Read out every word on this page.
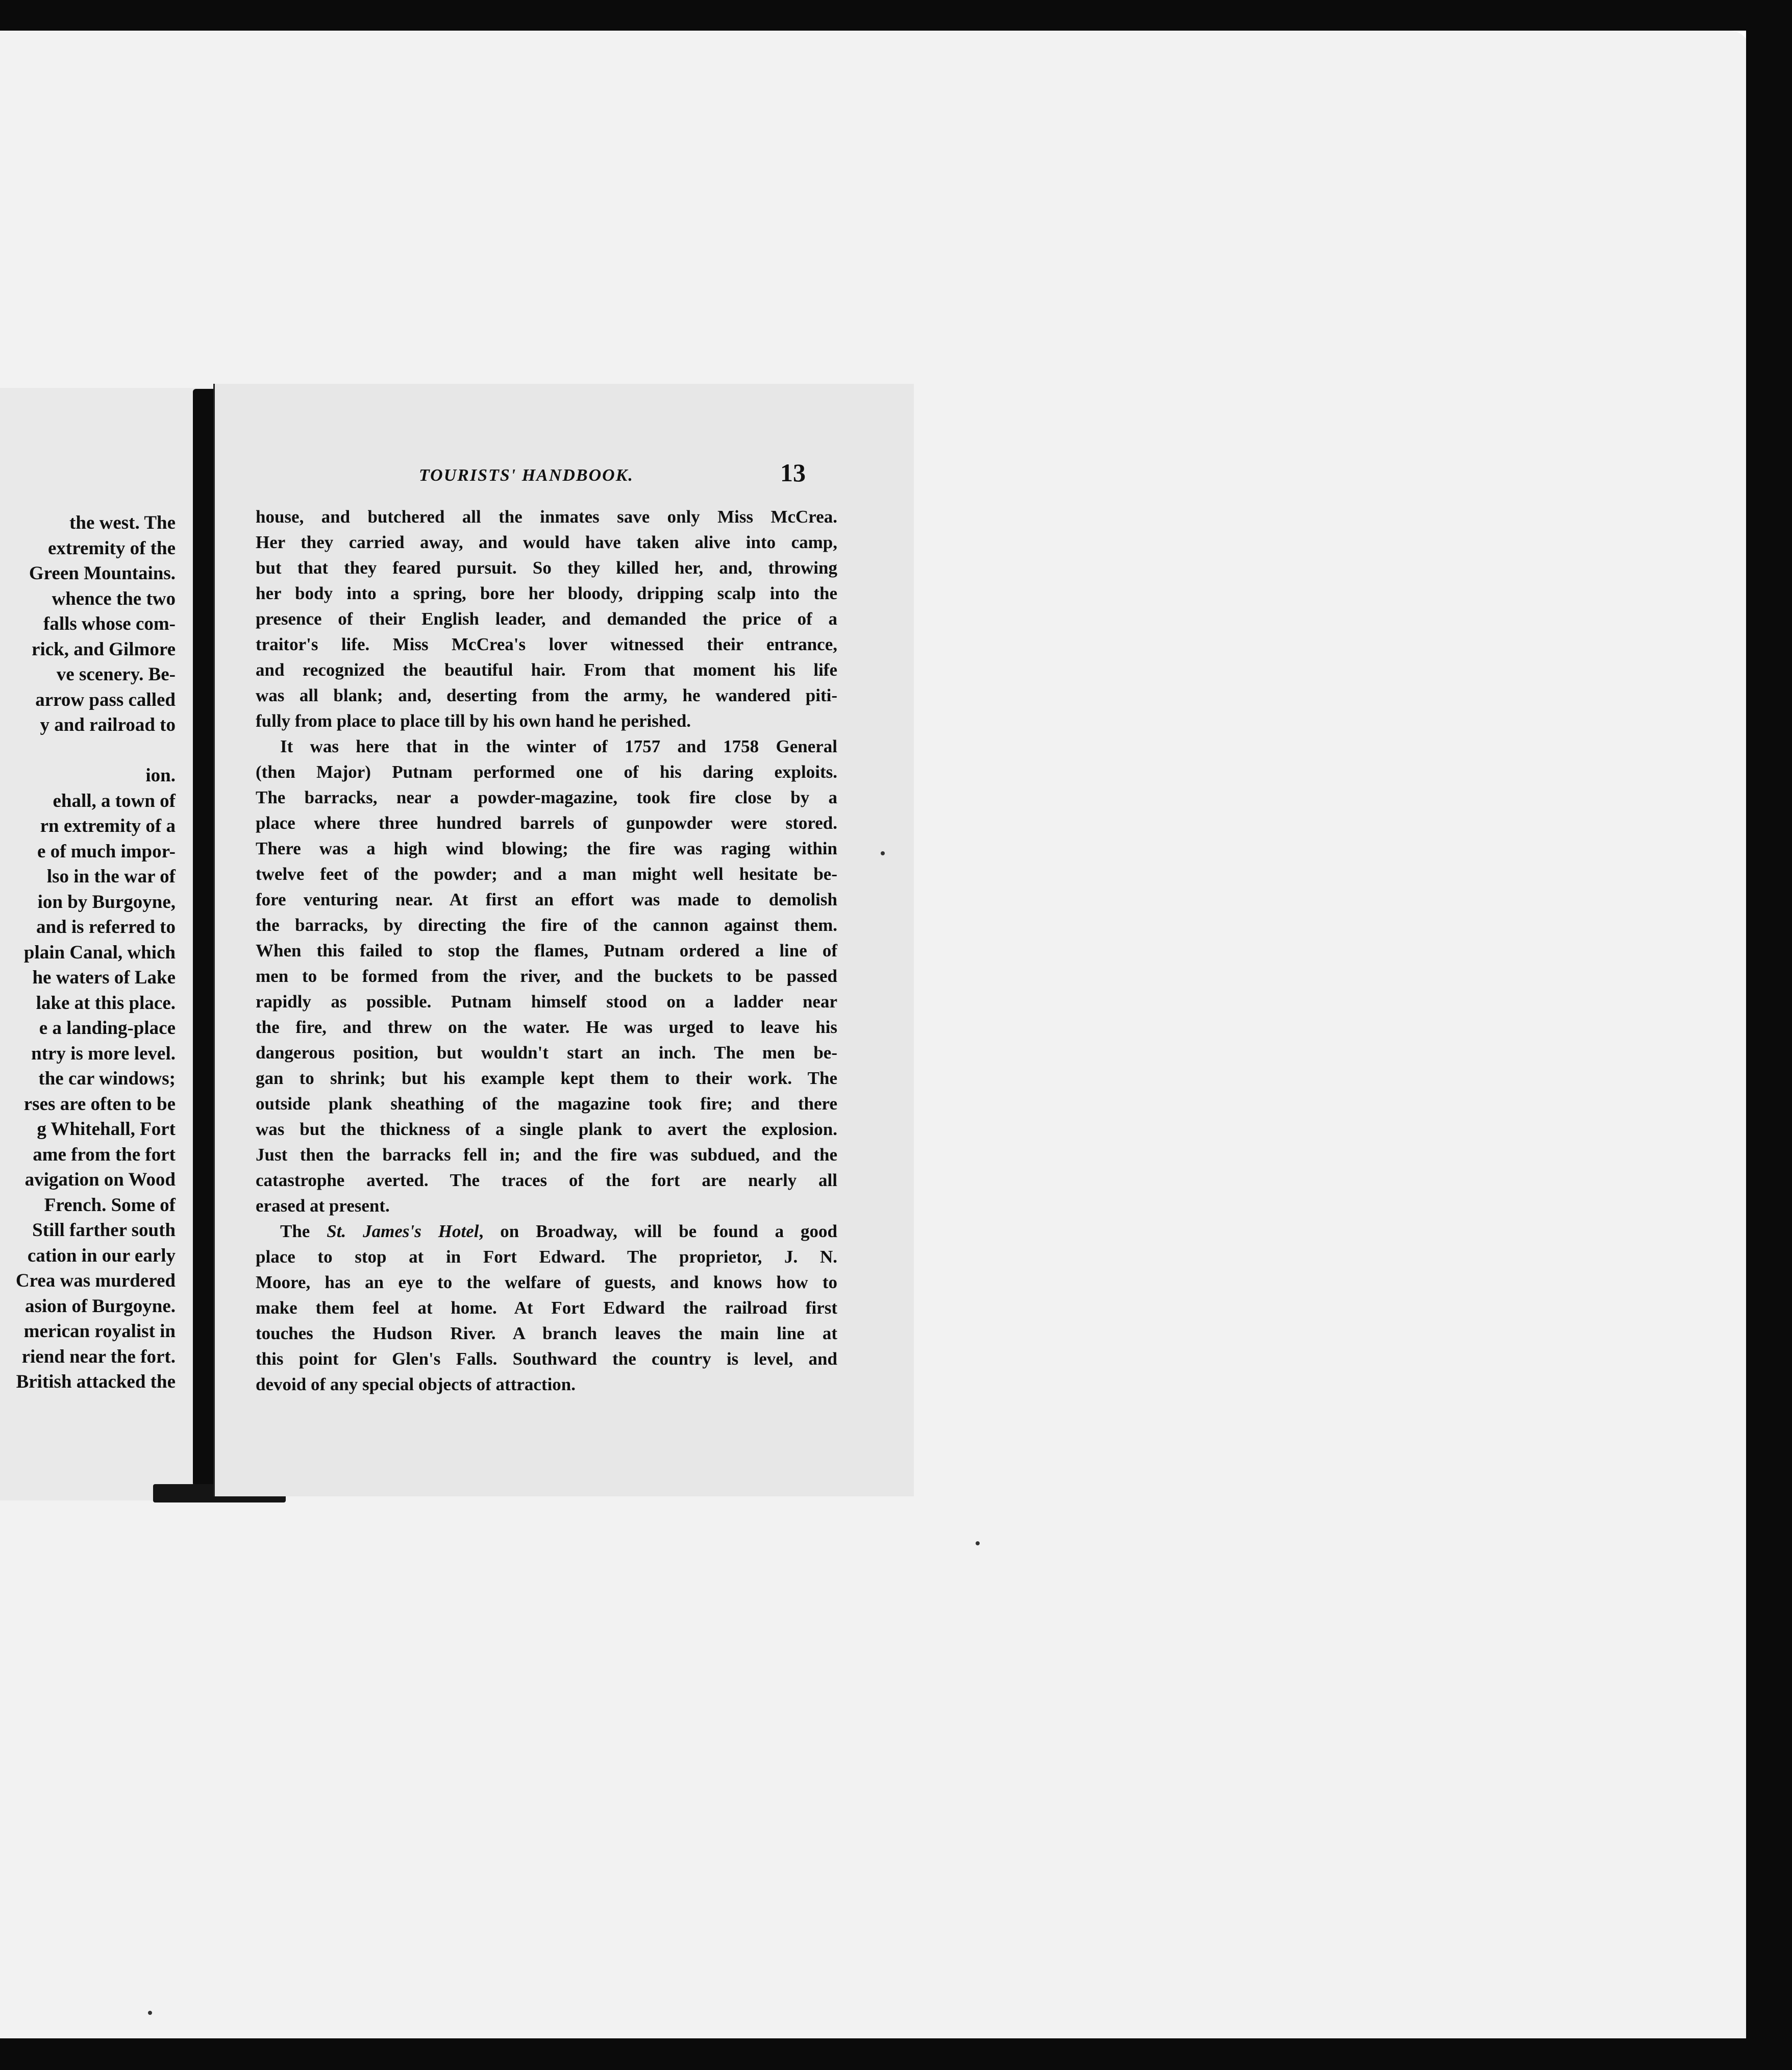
the west. The
extremity of the
Green Mountains.
whence the two
falls whose com-
rick, and Gilmore
ve scenery. Be-
arrow pass called
y and railroad to
ion.
ehall, a town of
rn extremity of a
e of much impor-
lso in the war of
ion by Burgoyne,
and is referred to
plain Canal, which
he waters of Lake
lake at this place.
e a landing-place
ntry is more level.
the car windows;
rses are often to be
g Whitehall, Fort
ame from the fort
avigation on Wood
French. Some of
Still farther south
cation in our early
Crea was murdered
asion of Burgoyne.
merican royalist in
riend near the fort.
British attacked the
TOURISTS' HANDBOOK.	13
house, and butchered all the inmates save only Miss McCrea.
Her they carried away, and would have taken alive into camp,
but that they feared pursuit. So they killed her, and, throwing
her body into a spring, bore her bloody, dripping scalp into the
presence of their English leader, and demanded the price of a
traitor's life. Miss McCrea's lover witnessed their entrance,
and recognized the beautiful hair. From that moment his life
was all blank; and, deserting from the army, he wandered piti-
fully from place to place till by his own hand he perished.
It was here that in the winter of 1757 and 1758 General
(then Major) Putnam performed one of his daring exploits.
The barracks, near a powder-magazine, took fire close by a
place where three hundred barrels of gunpowder were stored.
There was a high wind blowing; the fire was raging within
twelve feet of the powder; and a man might well hesitate be-
fore venturing near. At first an effort was made to demolish
the barracks, by directing the fire of the cannon against them.
When this failed to stop the flames, Putnam ordered a line of
men to be formed from the river, and the buckets to be passed
rapidly as possible. Putnam himself stood on a ladder near
the fire, and threw on the water. He was urged to leave his
dangerous position, but wouldn't start an inch. The men be-
gan to shrink; but his example kept them to their work. The
outside plank sheathing of the magazine took fire; and there
was but the thickness of a single plank to avert the explosion.
Just then the barracks fell in; and the fire was subdued, and the
catastrophe averted. The traces of the fort are nearly all
erased at present.
The St. James's Hotel, on Broadway, will be found a good
place to stop at in Fort Edward. The proprietor, J. N.
Moore, has an eye to the welfare of guests, and knows how to
make them feel at home. At Fort Edward the railroad first
touches the Hudson River. A branch leaves the main line at
this point for Glen's Falls. Southward the country is level, and
devoid of any special objects of attraction.
